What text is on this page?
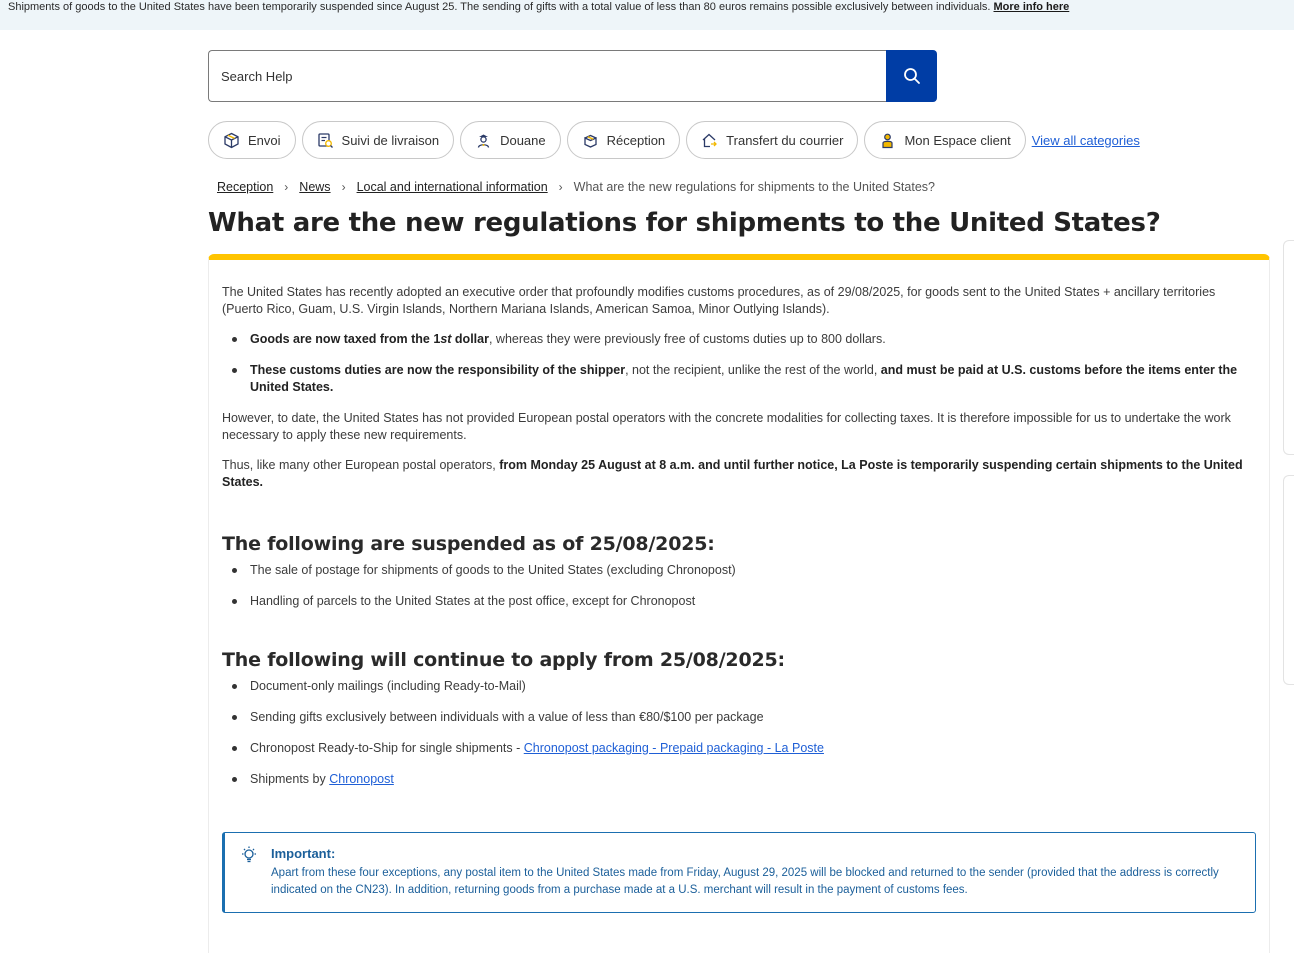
Shipments of goods to the United States have been temporarily suspended since August 25. The sending of gifts with a total value of less than 80 euros remains possible exclusively between individuals. More info here
Search Help
Envoi	Suivi de livraison	Douane	Réception	Transfert du courrier	Mon Espace client View all categories
Reception › News › Local and international information › What are the new regulations for shipments to the United States?
What are the new regulations for shipments to the United States?

The United States has recently adopted an executive order that profoundly modifies customs procedures, as of 29/08/2025, for goods sent to the United States + ancillary territories (Puerto Rico, Guam, U.S. Virgin Islands, Northern Mariana Islands, American Samoa, Minor Outlying Islands).

Goods are now taxed from the 1st dollar, whereas they were previously free of customs duties up to 800 dollars.
These customs duties are now the responsibility of the shipper, not the recipient, unlike the rest of the world, and must be paid at U.S. customs before the items enter the United States.

However, to date, the United States has not provided European postal operators with the concrete modalities for collecting taxes. It is therefore impossible for us to undertake the work necessary to apply these new requirements.

Thus, like many other European postal operators, from Monday 25 August at 8 a.m. and until further notice, La Poste is temporarily suspending certain shipments to the United States.

The following are suspended as of 25/08/2025:
The sale of postage for shipments of goods to the United States (excluding Chronopost)
Handling of parcels to the United States at the post office, except for Chronopost
The following will continue to apply from 25/08/2025:
Document-only mailings (including Ready-to-Mail)
Sending gifts exclusively between individuals with a value of less than €80/$100 per package
Chronopost Ready-to-Ship for single shipments - Chronopost packaging - Prepaid packaging - La Poste
Shipments by Chronopost
Important:
Apart from these four exceptions, any postal item to the United States made from Friday, August 29, 2025 will be blocked and returned to the sender (provided that the address is correctly indicated on the CN23). In addition, returning goods from a purchase made at a U.S. merchant will result in the payment of customs fees.
